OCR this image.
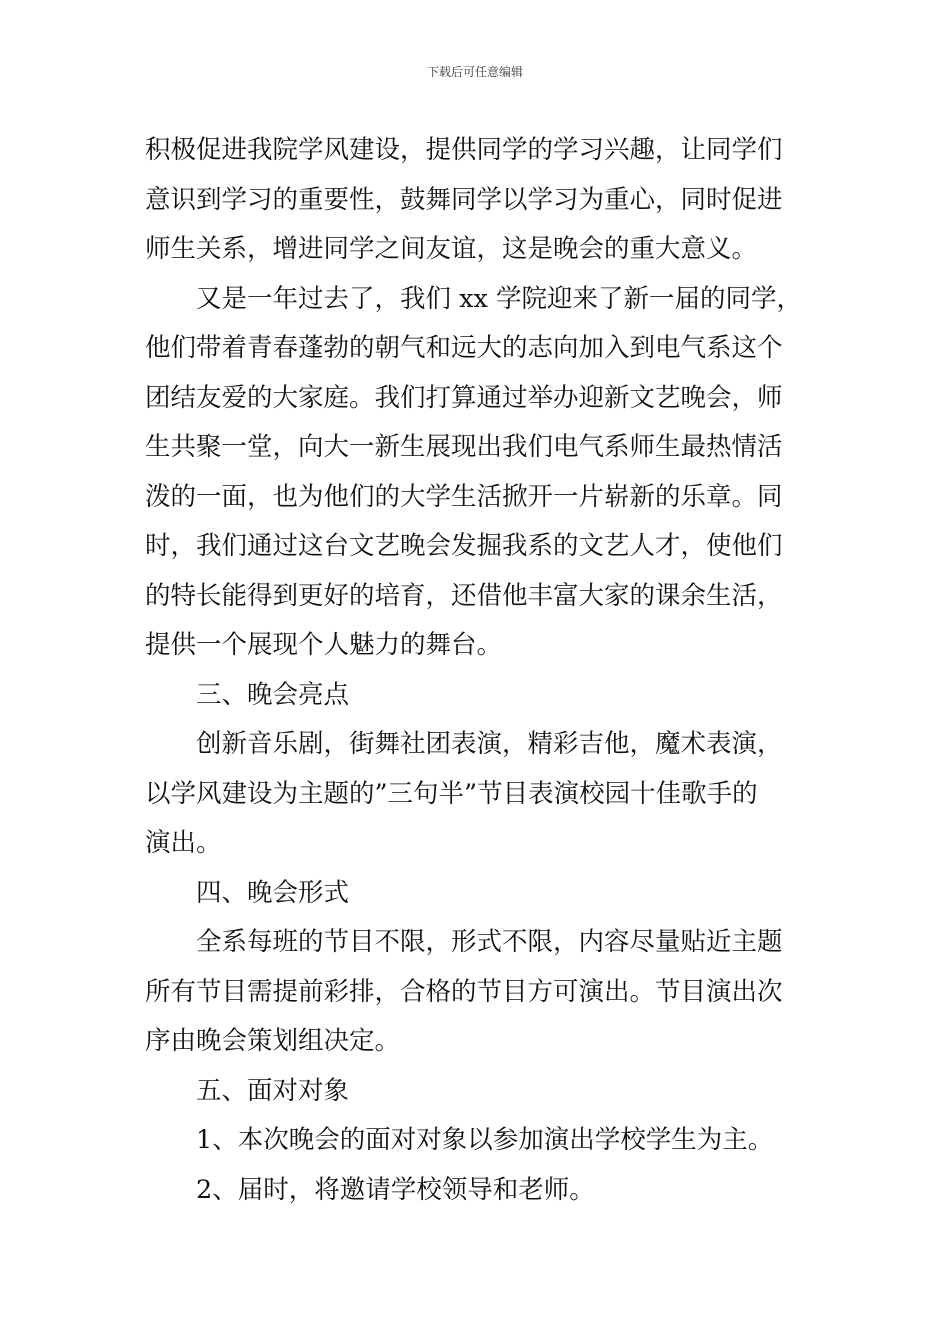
下载后可任意编辑
积极促进我院学风建设，提供同学的学习兴趣，让同学们
意识到学习的重要性，鼓舞同学以学习为重心，同时促进
师生关系，增进同学之间友谊，这是晚会的重大意义。
又是一年过去了，我们 xx 学院迎来了新一届的同学，
他们带着青春蓬勃的朝气和远大的志向加入到电气系这个
团结友爱的大家庭。我们打算通过举办迎新文艺晚会，师
生共聚一堂，向大一新生展现出我们电气系师生最热情活
泼的一面，也为他们的大学生活掀开一片崭新的乐章。同
时，我们通过这台文艺晚会发掘我系的文艺人才，使他们
的特长能得到更好的培育，还借他丰富大家的课余生活，
提供一个展现个人魅力的舞台。
三、晚会亮点
创新音乐剧，街舞社团表演，精彩吉他，魔术表演，
以学风建设为主题的”三句半”节目表演校园十佳歌手的
演出。
四、晚会形式
全系每班的节目不限，形式不限，内容尽量贴近主题
所有节目需提前彩排，合格的节目方可演出。节目演出次
序由晚会策划组决定。
五、面对对象
1、本次晚会的面对对象以参加演出学校学生为主。
2、届时，将邀请学校领导和老师。
